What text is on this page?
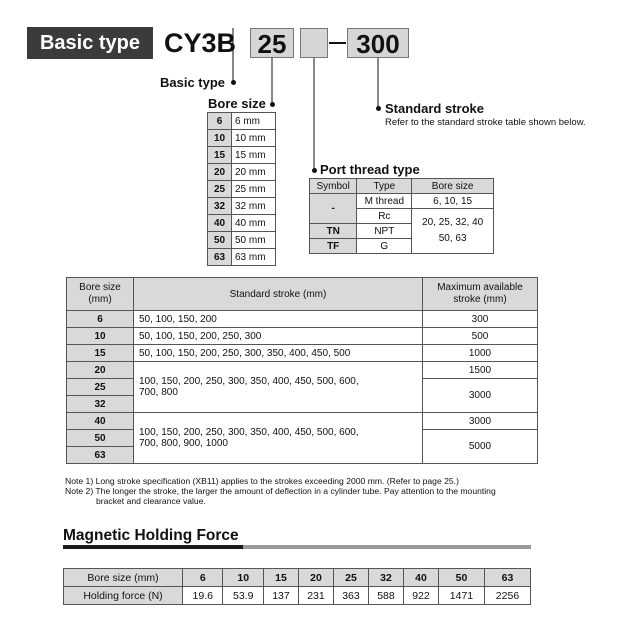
Basic type CY3B 25	300
Basic type
Bore size	Standard stroke
Refer to the standard stroke table shown below.
Port thread type
6	6 mm
10	10 mm
15	15 mm
20	20 mm
25	25 mm
32	32 mm
40	40 mm
50	50 mm
63	63 mm
Symbol	Type	Bore size
-	M thread	6, 10, 15
	Rc	20, 25, 32, 40
50, 63
TN	NPT	
TF	G	
Bore size
(mm)	Standard stroke (mm)	Maximum available
stroke (mm)
6	50, 100, 150, 200	300
10	50, 100, 150, 200, 250, 300	500
15	50, 100, 150, 200, 250, 300, 350, 400, 450, 500	1000
20	100, 150, 200, 250, 300, 350, 400, 450, 500, 600,
700, 800	1500
25		3000
32		
40	100, 150, 200, 250, 300, 350, 400, 450, 500, 600,
700, 800, 900, 1000	3000
50		5000
63		
Note 1) Long stroke specification (XB11) applies to the strokes exceeding 2000 mm. (Refer to page 25.)
Note 2) The longer the stroke, the larger the amount of deflection in a cylinder tube. Pay attention to the mounting
bracket and clearance value.
Magnetic Holding Force
Bore size (mm)	6	10	15	20	25	32	40	50	63
Holding force (N)	19.6	53.9	137	231	363	588	922	1471	2256
